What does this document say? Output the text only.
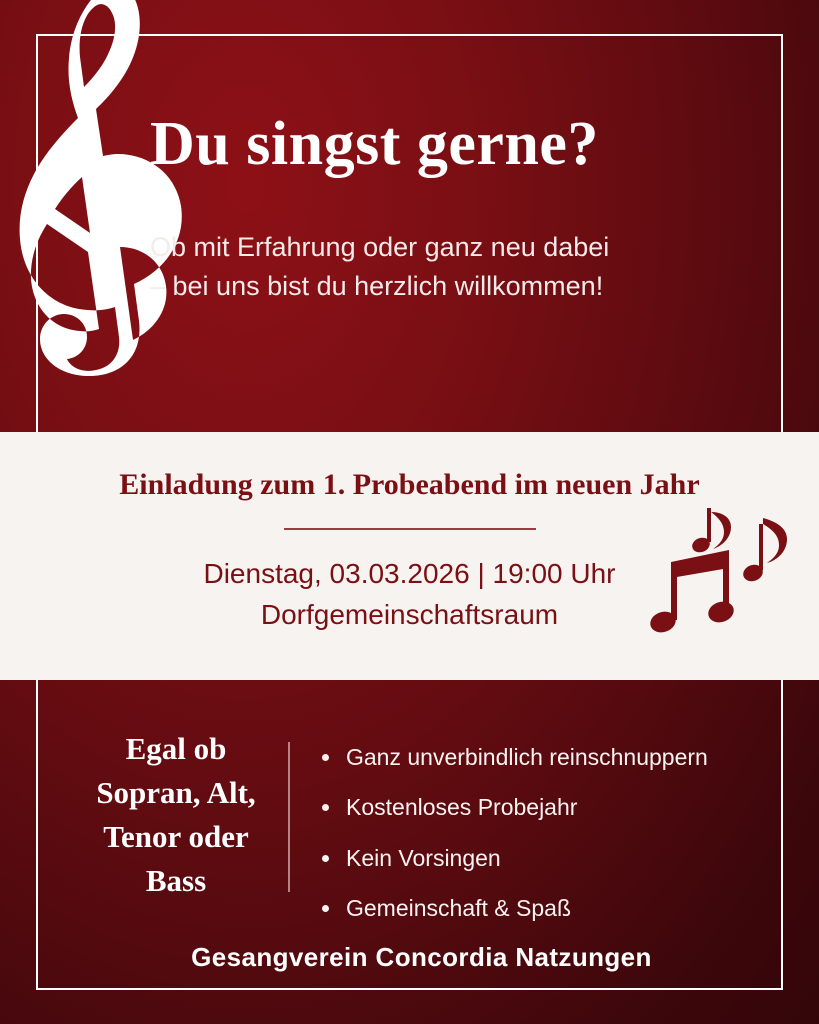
Du singst gerne?
Ob mit Erfahrung oder ganz neu dabei
– bei uns bist du herzlich willkommen!
Einladung zum 1. Probeabend im neuen Jahr
Dienstag, 03.03.2026 | 19:00 Uhr
Dorfgemeinschaftsraum
Egal ob Sopran, Alt, Tenor oder Bass
Ganz unverbindlich reinschnuppern
Kostenloses Probejahr
Kein Vorsingen
Gemeinschaft & Spaß
Gesangverein Concordia Natzungen
